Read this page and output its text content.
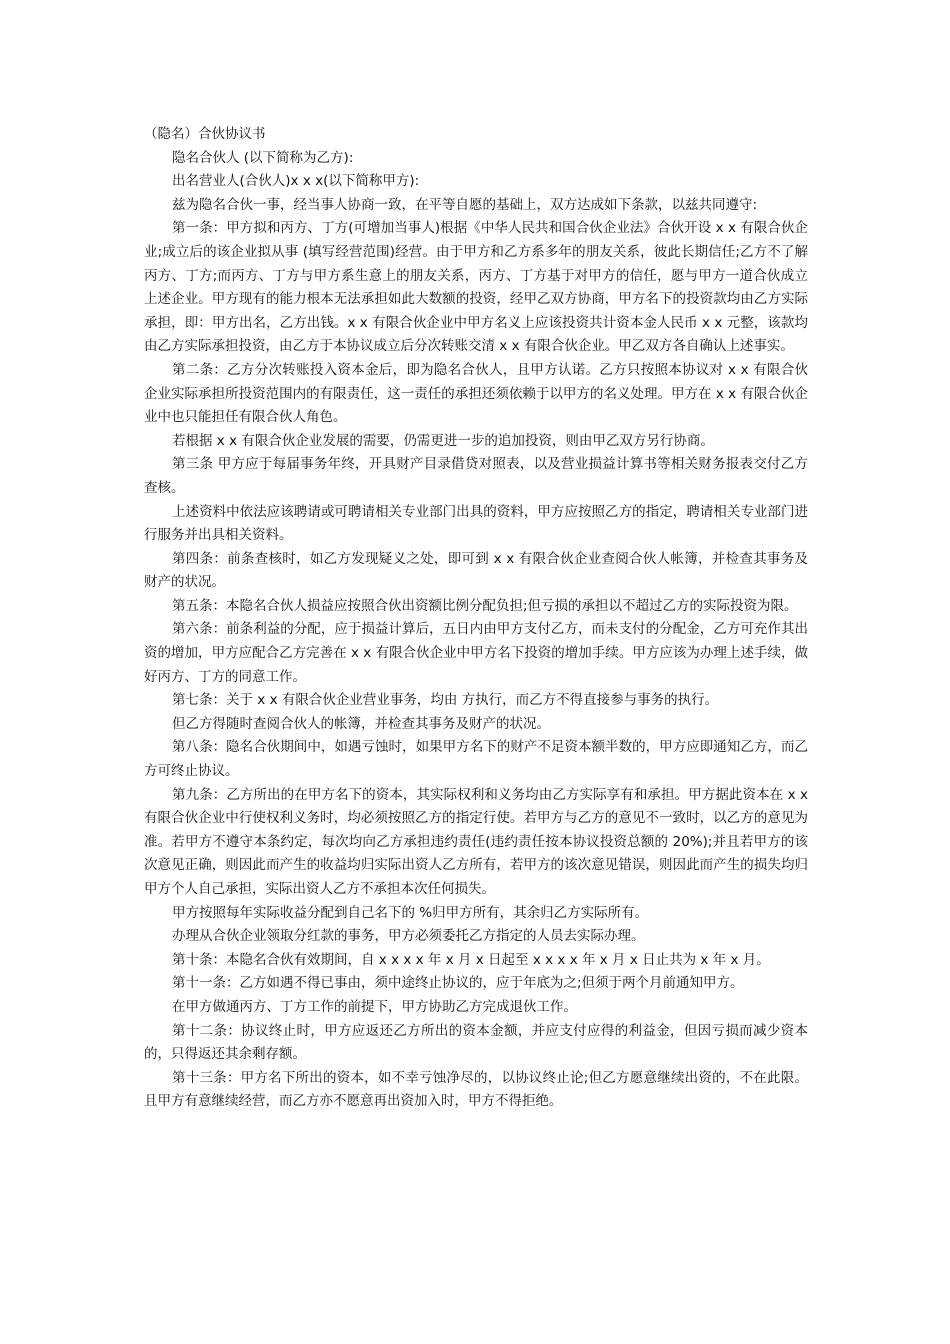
（隐名）合伙协议书

隐名合伙人 (以下简称为乙方):

出名营业人(合伙人)x x x(以下简称甲方):

兹为隐名合伙一事，经当事人协商一致，在平等自愿的基础上，双方达成如下条款，以兹共同遵守:

第一条：甲方拟和丙方、丁方(可增加当事人)根据《中华人民共和国合伙企业法》合伙开设 x x 有限合伙企业;成立后的该企业拟从事 (填写经营范围)经营。由于甲方和乙方系多年的朋友关系，彼此长期信任;乙方不了解丙方、丁方;而丙方、丁方与甲方系生意上的朋友关系，丙方、丁方基于对甲方的信任，愿与甲方一道合伙成立上述企业。甲方现有的能力根本无法承担如此大数额的投资，经甲乙双方协商，甲方名下的投资款均由乙方实际承担，即：甲方出名，乙方出钱。x x 有限合伙企业中甲方名义上应该投资共计资本金人民币 x x 元整，该款均由乙方实际承担投资，由乙方于本协议成立后分次转账交清 x x 有限合伙企业。甲乙双方各自确认上述事实。

第二条：乙方分次转账投入资本金后，即为隐名合伙人，且甲方认诺。乙方只按照本协议对 x x 有限合伙企业实际承担所投资范围内的有限责任，这一责任的承担还须依赖于以甲方的名义处理。甲方在 x x 有限合伙企业中也只能担任有限合伙人角色。

若根据 x x 有限合伙企业发展的需要，仍需更进一步的追加投资，则由甲乙双方另行协商。

第三条 甲方应于每届事务年终，开具财产目录借贷对照表，以及营业损益计算书等相关财务报表交付乙方查核。

上述资料中依法应该聘请或可聘请相关专业部门出具的资料，甲方应按照乙方的指定，聘请相关专业部门进行服务并出具相关资料。

第四条：前条查核时，如乙方发现疑义之处，即可到 x x 有限合伙企业查阅合伙人帐簿，并检查其事务及财产的状况。

第五条：本隐名合伙人损益应按照合伙出资额比例分配负担;但亏损的承担以不超过乙方的实际投资为限。

第六条：前条利益的分配，应于损益计算后，五日内由甲方支付乙方，而未支付的分配金，乙方可充作其出资的增加，甲方应配合乙方完善在 x x 有限合伙企业中甲方名下投资的增加手续。甲方应该为办理上述手续，做好丙方、丁方的同意工作。

第七条：关于 x x 有限合伙企业营业事务，均由 方执行，而乙方不得直接参与事务的执行。

但乙方得随时查阅合伙人的帐簿，并检查其事务及财产的状况。

第八条：隐名合伙期间中，如遇亏蚀时，如果甲方名下的财产不足资本额半数的，甲方应即通知乙方，而乙方可终止协议。

第九条：乙方所出的在甲方名下的资本，其实际权利和义务均由乙方实际享有和承担。甲方据此资本在 x x 有限合伙企业中行使权利义务时，均必须按照乙方的指定行使。若甲方与乙方的意见不一致时，以乙方的意见为准。若甲方不遵守本条约定，每次均向乙方承担违约责任(违约责任按本协议投资总额的 20%);并且若甲方的该次意见正确，则因此而产生的收益均归实际出资人乙方所有，若甲方的该次意见错误，则因此而产生的损失均归甲方个人自己承担，实际出资人乙方不承担本次任何损失。

甲方按照每年实际收益分配到自己名下的 %归甲方所有，其余归乙方实际所有。

办理从合伙企业领取分红款的事务，甲方必须委托乙方指定的人员去实际办理。

第十条：本隐名合伙有效期间，自 x x x x 年 x 月 x 日起至 x x x x 年 x 月 x 日止共为 x 年 x 月。

第十一条：乙方如遇不得已事由，须中途终止协议的，应于年底为之;但须于两个月前通知甲方。

在甲方做通丙方、丁方工作的前提下，甲方协助乙方完成退伙工作。

第十二条：协议终止时，甲方应返还乙方所出的资本金额，并应支付应得的利益金，但因亏损而减少资本的，只得返还其余剩存额。

第十三条：甲方名下所出的资本，如不幸亏蚀净尽的，以协议终止论;但乙方愿意继续出资的，不在此限。且甲方有意继续经营，而乙方亦不愿意再出资加入时，甲方不得拒绝。
